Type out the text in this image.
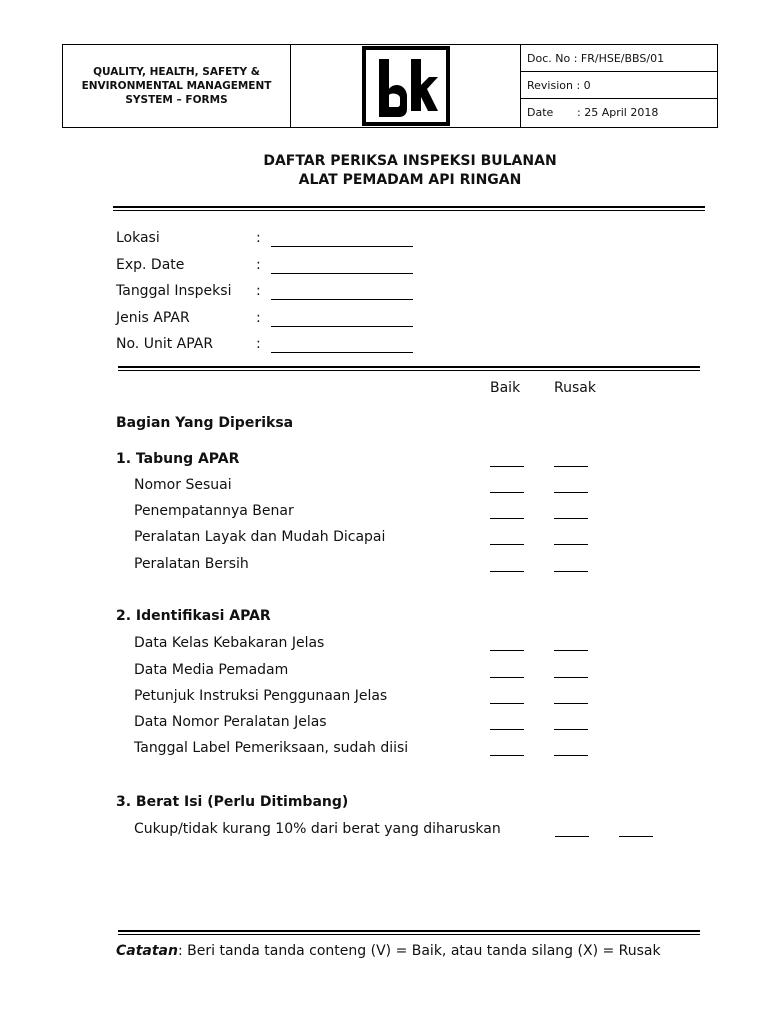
QUALITY, HEALTH, SAFETY & ENVIRONMENTAL MANAGEMENT SYSTEM – FORMS
Doc. No : FR/HSE/BBS/01
Revision : 0
Date : 25 April 2018
DAFTAR PERIKSA INSPEKSI BULANAN
ALAT PEMADAM API RINGAN
Lokasi	:
Exp. Date	:
Tanggal Inspeksi :
Jenis APAR	:
No. Unit APAR	:
Baik Rusak
Bagian Yang Diperiksa
1. Tabung APAR
Nomor Sesuai
Penempatannya Benar
Peralatan Layak dan Mudah Dicapai
Peralatan Bersih
2. Identifikasi APAR
Data Kelas Kebakaran Jelas
Data Media Pemadam
Petunjuk Instruksi Penggunaan Jelas
Data Nomor Peralatan Jelas
Tanggal Label Pemeriksaan, sudah diisi
3. Berat Isi (Perlu Ditimbang)
Cukup/tidak kurang 10% dari berat yang diharuskan
Catatan: Beri tanda tanda conteng (V) = Baik, atau tanda silang (X) = Rusak
